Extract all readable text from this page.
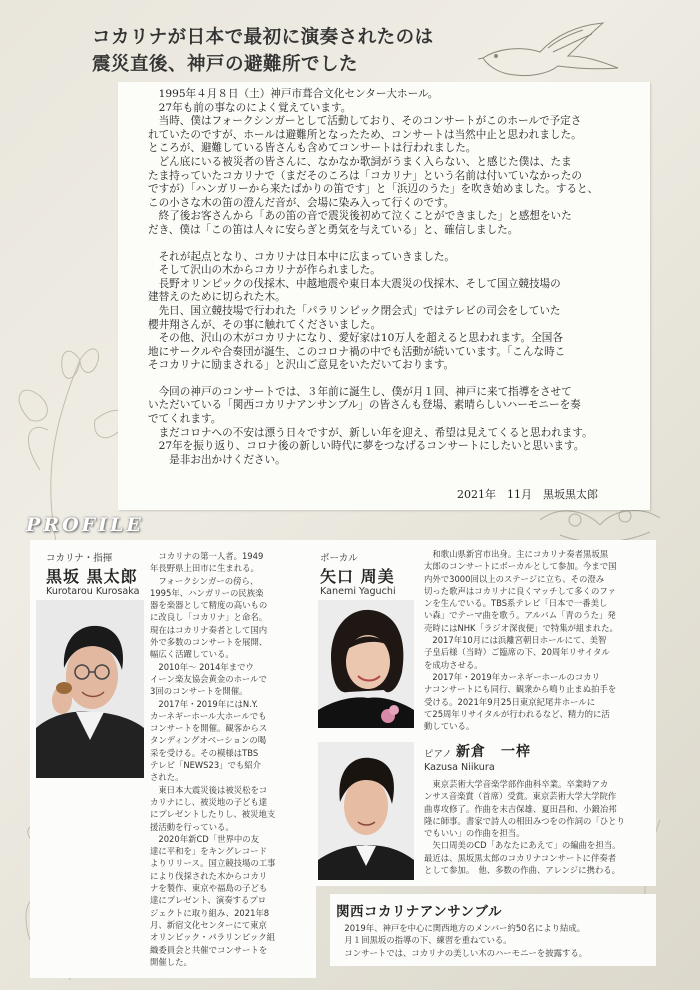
コカリナが日本で最初に演奏されたのは
震災直後、神戸の避難所でした

　1995年４月８日（土）神戸市葺合文化センター大ホール。

　27年も前の事なのによく覚えています。

　当時、僕はフォークシンガーとして活動しており、そのコンサートがこのホールで予定さ

れていたのですが、ホールは避難所となったため、コンサートは当然中止と思われました。

ところが、避難している皆さんも含めてコンサートは行われました。

　どん底にいる被災者の皆さんに、なかなか歌詞がうまく入らない、と感じた僕は、たま

たま持っていたコカリナで（まだそのころは「コカリナ」という名前は付いていなかったの

ですが）「ハンガリーから来たばかりの笛です」と「浜辺のうた」を吹き始めました。すると、

この小さな木の笛の澄んだ音が、会場に染み入って行くのです。

　終了後お客さんから「あの笛の音で震災後初めて泣くことができました」と感想をいた

だき、僕は「この笛は人々に安らぎと勇気を与えている」と、確信しました。

　それが起点となり、コカリナは日本中に広まっていきました。

　そして沢山の木からコカリナが作られました。

　長野オリンピックの伐採木、中越地震や東日本大震災の伐採木、そして国立競技場の

建替えのために切られた木。

　先日、国立競技場で行われた「パラリンピック閉会式」ではテレビの司会をしていた

櫻井翔さんが、その事に触れてくださいました。

　その他、沢山の木がコカリナになり、愛好家は10万人を超えると思われます。全国各

地にサークルや合奏団が誕生、このコロナ禍の中でも活動が続いています。「こんな時こ

そコカリナに励まされる」と沢山ご意見をいただいております。

　今回の神戸のコンサートでは、３年前に誕生し、僕が月１回、神戸に来て指導をさせて

いただいている「関西コカリナアンサンブル」の皆さんも登場、素晴らしいハーモニーを奏

でてくれます。

　まだコロナへの不安は漂う日々ですが、新しい年を迎え、希望は見えてくると思われます。

　27年を振り返り、コロナ後の新しい時代に夢をつなげるコンサートにしたいと思います。

　　是非お出かけください。

2021年　11月　黒坂黒太郎
PROFILE
コカリナ・指揮
黒坂 黒太郎
Kurotarou Kurosaka

　コカリナの第一人者。1949

年長野県上田市に生まれる。

　フォークシンガーの傍ら、

1995年、ハンガリーの民族楽

器を楽器として精度の高いもの

に改良し「コカリナ」と命名。

現在はコカリナ奏者として国内

外で多数のコンサートを展開、

幅広く活躍している。

　2010年～ 2014年までウ

イーン楽友協会黄金のホールで

3回のコンサートを開催。

　2017年・2019年にはN.Y.

カーネギーホール大ホールでも

コンサートを開催。観客からス

タンディングオベーションの喝

采を受ける。その模様はTBS

テレビ「NEWS23」でも紹介

された。

　東日本大震災後は被災松をコ

カリナにし、被災地の子ども達

にプレゼントしたりし、被災地支

援活動を行っている。

　2020年新CD「世界中の友

達に平和を」をキングレコード

よりリリース。国立競技場の工事

により伐採された木からコカリ

ナを製作、東京や福島の子ども

達にプレゼント、演奏するプロ

ジェクトに取り組み、2021年8

月、新宿文化センターにて東京

オリンピック・パラリンピック組

織委員会と共催でコンサートを

開催した。

ボーカル
矢口 周美
Kanemi Yaguchi

　和歌山県新宮市出身。主にコカリナ奏者黒坂黒

太郎のコンサートにボーカルとして参加。今まで国

内外で3000回以上のステージに立ち、その澄み

切った歌声はコカリナに良くマッチして多くのファ

ンを生んでいる。TBS系テレビ「日本で一番美し

い森」でテーマ曲を歌う。アルバム「青のうた」発

売時にはNHK「ラジオ深夜便」で特集が組まれた。

　2017年10月には浜離宮朝日ホールにて、美智

子皇后様（当時）ご臨席の下、20周年リサイタル

を成功させる。

　2017年・2019年カーネギーホールのコカリ

ナコンサートにも同行、観衆から鳴り止まぬ拍手を

受ける。2021年9月25日東京紀尾井ホールに

て25周年リサイタルが行われるなど、精力的に活

動している。

ピアノ 新倉　一梓
Kazusa Niikura

　東京芸術大学音楽学部作曲科卒業。卒業時アカ

ンサス音楽賞（首席）受賞。東京芸術大学大学院作

曲専攻修了。作曲を末吉保雄、夏田昌和、小鍛冶邦

隆に師事。書家で詩人の相田みつをの作詞の「ひとり

でもいい」の作曲を担当。

　矢口周美のCD「あなたにあえて」の編曲を担当。

最近は、黒坂黒太郎のコカリナコンサートに伴奏者

として参加。　他、多数の作曲、アレンジに携わる。

関西コカリナアンサンブル

　2019年、神戸を中心に関西地方のメンバー約50名により結成。

　月１回黒坂の指導の下、練習を重ねている。

　コンサートでは、コカリナの美しい木のハーモニーを披露する。
